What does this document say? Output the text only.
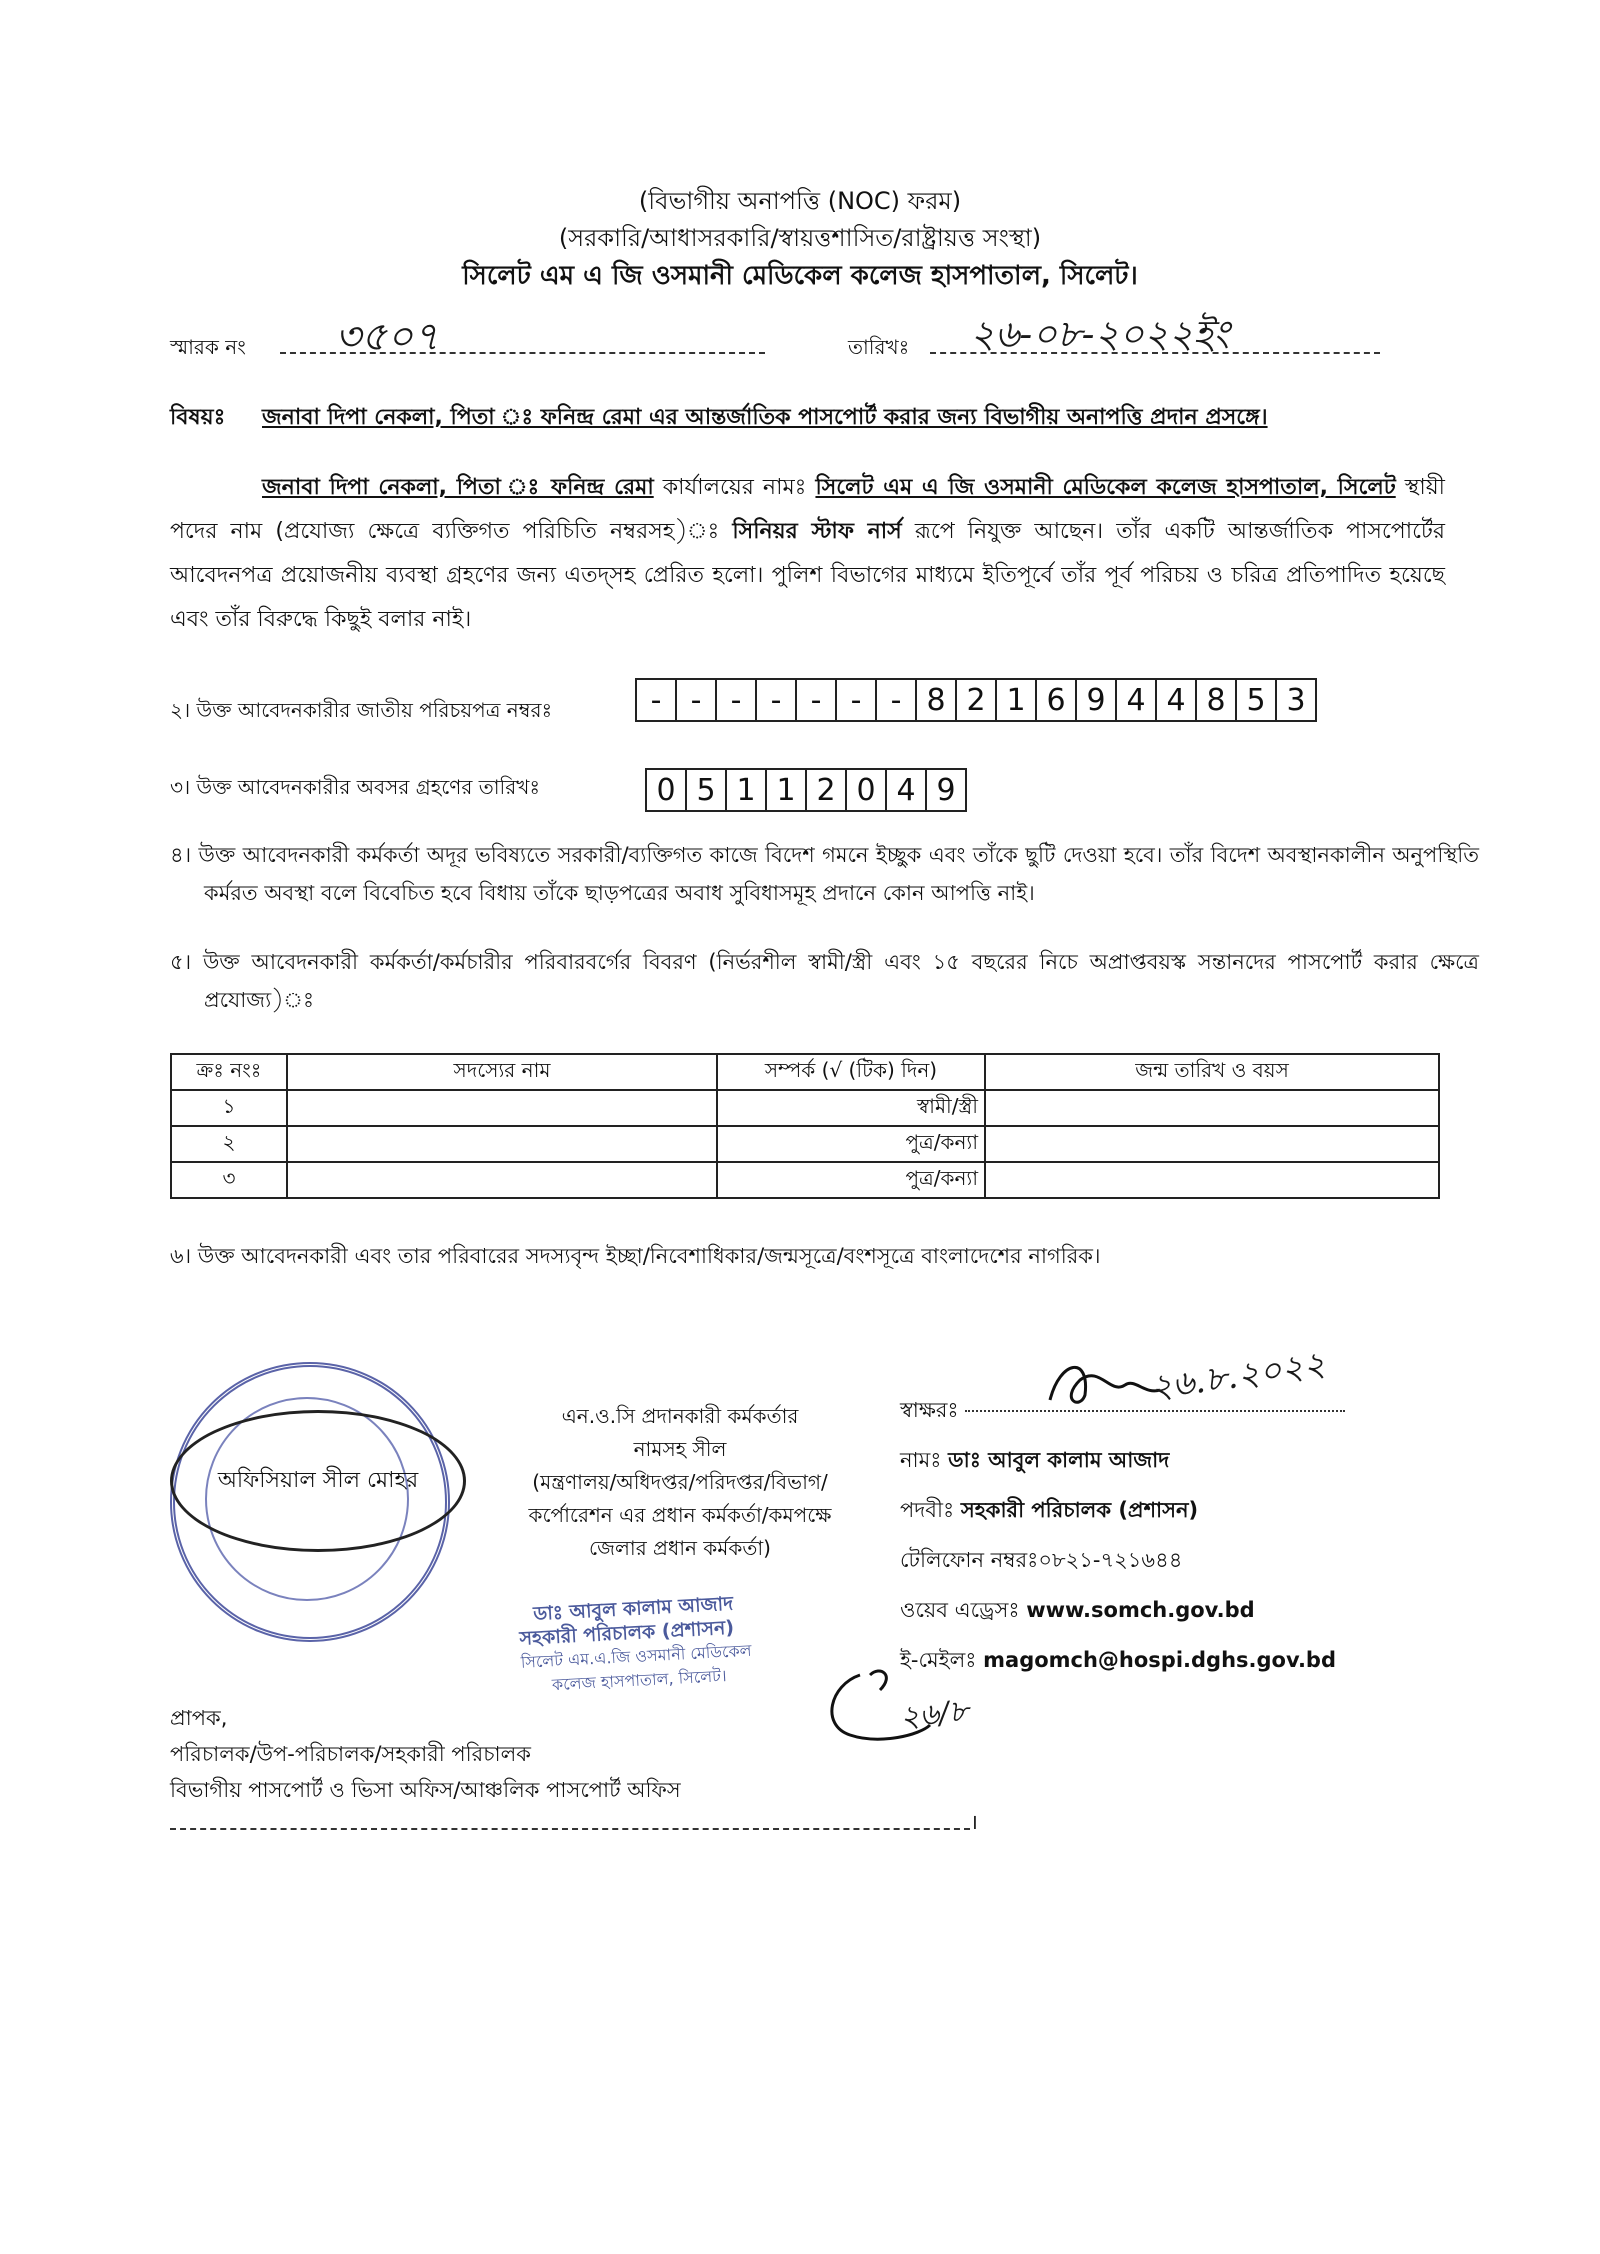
(বিভাগীয় অনাপত্তি (NOC) ফরম)
(সরকারি/আধাসরকারি/স্বায়ত্তশাসিত/রাষ্ট্রায়ত্ত সংস্থা)
সিলেট এম এ জি ওসমানী মেডিকেল কলেজ হাসপাতাল, সিলেট।
স্মারক নং ৩৫০৭	তারিখঃ ২৬-০৮-২০২২ইং
বিষয়ঃ জনাবা দিপা নেকলা, পিতা ঃ ফনিন্দ্র রেমা এর আন্তর্জাতিক পাসপোর্ট করার জন্য বিভাগীয় অনাপত্তি প্রদান প্রসঙ্গে।
জনাবা দিপা নেকলা, পিতা ঃ ফনিন্দ্র রেমা কার্যালয়ের নামঃ সিলেট এম এ জি ওসমানী মেডিকেল কলেজ হাসপাতাল, সিলেট স্থায়ী পদের নাম (প্রযোজ্য ক্ষেত্রে ব্যক্তিগত পরিচিতি নম্বরসহ)ঃ সিনিয়র স্টাফ নার্স রূপে নিযুক্ত আছেন। তাঁর একটি আন্তর্জাতিক পাসপোর্টের আবেদনপত্র প্রয়োজনীয় ব্যবস্থা গ্রহণের জন্য এতদ্সহ প্রেরিত হলো। পুলিশ বিভাগের মাধ্যমে ইতিপূর্বে তাঁর পূর্ব পরিচয় ও চরিত্র প্রতিপাদিত হয়েছে এবং তাঁর বিরুদ্ধে কিছুই বলার নাই।
২। উক্ত আবেদনকারীর জাতীয় পরিচয়পত্র নম্বরঃ	-	-	-	-	-	-	-	8	2	1	6	9	4	4	8	5	3
৩। উক্ত আবেদনকারীর অবসর গ্রহণের তারিখঃ	0	5	1	1	2	0	4	9
৪। উক্ত আবেদনকারী কর্মকর্তা অদূর ভবিষ্যতে সরকারী/ব্যক্তিগত কাজে বিদেশ গমনে ইচ্ছুক এবং তাঁকে ছুটি দেওয়া হবে। তাঁর বিদেশ অবস্থানকালীন অনুপস্থিতি কর্মরত অবস্থা বলে বিবেচিত হবে বিধায় তাঁকে ছাড়পত্রের অবাধ সুবিধাসমূহ প্রদানে কোন আপত্তি নাই।
৫। উক্ত আবেদনকারী কর্মকর্তা/কর্মচারীর পরিবারবর্গের বিবরণ (নির্ভরশীল স্বামী/স্ত্রী এবং ১৫ বছরের নিচে অপ্রাপ্তবয়স্ক সন্তানদের পাসপোর্ট করার ক্ষেত্রে প্রযোজ্য)ঃ
ক্রঃ নংঃ	সদস্যের নাম	সম্পর্ক (√ (টিক) দিন)	জন্ম তারিখ ও বয়স
১		স্বামী/স্ত্রী	
২		পুত্র/কন্যা	
৩		পুত্র/কন্যা	
৬। উক্ত আবেদনকারী এবং তার পরিবারের সদস্যবৃন্দ ইচ্ছা/নিবেশাধিকার/জন্মসূত্রে/বংশসূত্রে বাংলাদেশের নাগরিক।
অফিসিয়াল সীল মোহর
এন.ও.সি প্রদানকারী কর্মকর্তার
নামসহ সীল
(মন্ত্রণালয়/অধিদপ্তর/পরিদপ্তর/বিভাগ/
কর্পোরেশন এর প্রধান কর্মকর্তা/কমপক্ষে
জেলার প্রধান কর্মকর্তা)
ডাঃ আবুল কালাম আজাদ
সহকারী পরিচালক (প্রশাসন)
সিলেট এম.এ.জি ওসমানী মেডিকেল
কলেজ হাসপাতাল, সিলেট।
স্বাক্ষরঃ
নামঃ ডাঃ আবুল কালাম আজাদ
পদবীঃ সহকারী পরিচালক (প্রশাসন)
টেলিফোন নম্বরঃ০৮২১-৭২১৬৪৪
ওয়েব এড্রেসঃ www.somch.gov.bd
ই-মেইলঃ magomch@hospi.dghs.gov.bd
২৬.৮.২০২২
২৬/৮
প্রাপক,
পরিচালক/উপ-পরিচালক/সহকারী পরিচালক
বিভাগীয় পাসপোর্ট ও ভিসা অফিস/আঞ্চলিক পাসপোর্ট অফিস
।
